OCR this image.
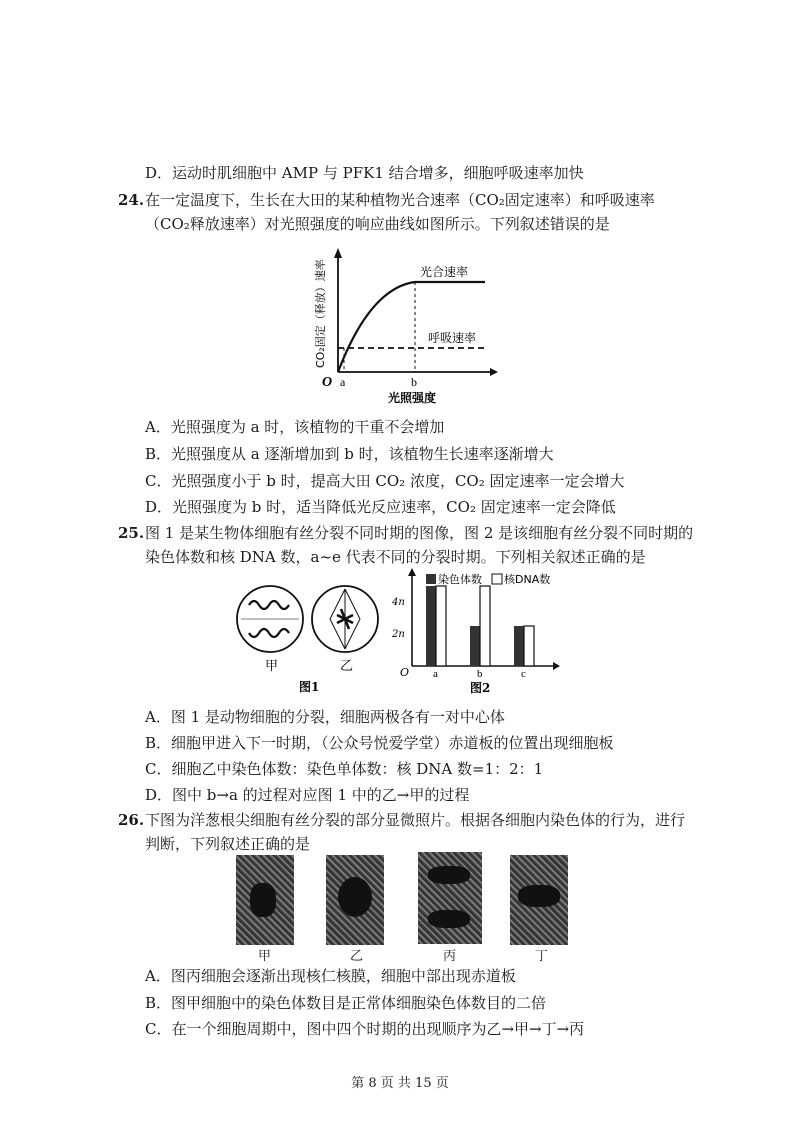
D．运动时肌细胞中 AMP 与 PFK1 结合增多，细胞呼吸速率加快
24. 在一定温度下，生长在大田的某种植物光合速率（CO₂固定速率）和呼吸速率
（CO₂释放速率）对光照强度的响应曲线如图所示。下列叙述错误的是
O a	b
光照强度
光合速率
呼吸速率
CO₂固定（释放）速率
A．光照强度为 a 时，该植物的干重不会增加
B．光照强度从 a 逐渐增加到 b 时，该植物生长速率逐渐增大
C．光照强度小于 b 时，提高大田 CO₂ 浓度，CO₂ 固定速率一定会增大
D．光照强度为 b 时，适当降低光反应速率，CO₂ 固定速率一定会降低
25. 图 1 是某生物体细胞有丝分裂不同时期的图像，图 2 是该细胞有丝分裂不同时期的
染色体数和核 DNA 数，a~e 代表不同的分裂时期。下列相关叙述正确的是
甲	乙
图1
染色体数 核DNA数
4n
2n
O a	b	c
图2
A．图 1 是动物细胞的分裂，细胞两极各有一对中心体
B．细胞甲进入下一时期，（公众号悦爱学堂）赤道板的位置出现细胞板
C．细胞乙中染色体数：染色单体数：核 DNA 数=1：2：1
D．图中 b→a 的过程对应图 1 中的乙→甲的过程
26. 下图为洋葱根尖细胞有丝分裂的部分显微照片。根据各细胞内染色体的行为，进行
判断，下列叙述正确的是
甲	乙	丙	丁
A．图丙细胞会逐渐出现核仁核膜，细胞中部出现赤道板
B．图甲细胞中的染色体数目是正常体细胞染色体数目的二倍
C．在一个细胞周期中，图中四个时期的出现顺序为乙→甲→丁→丙
第 8 页 共 15 页
